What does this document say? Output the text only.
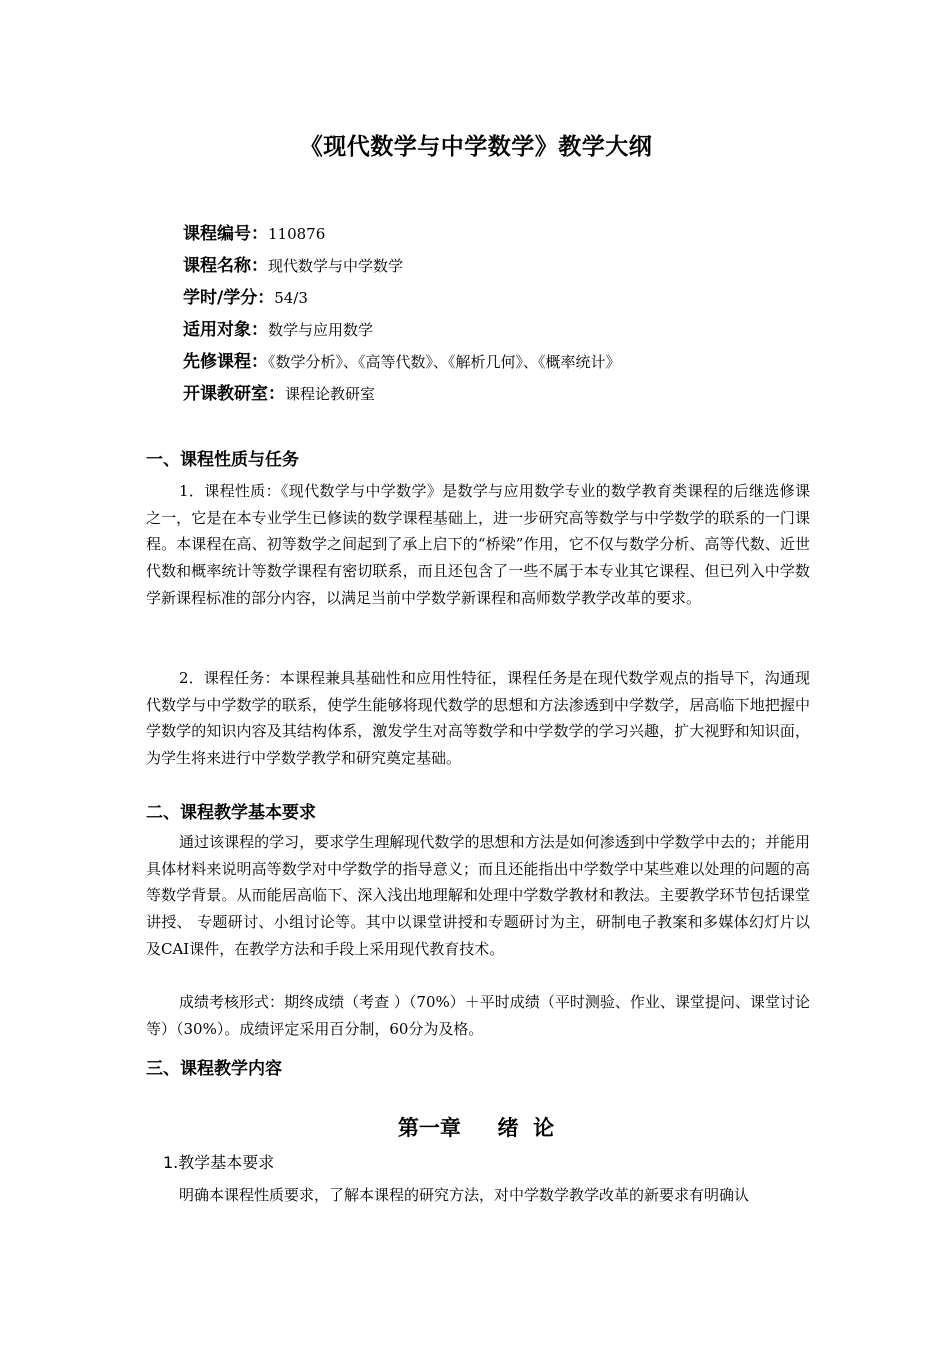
《现代数学与中学数学》教学大纲
课程编号：110876
课程名称：现代数学与中学数学
学时/学分：54/3
适用对象：数学与应用数学
先修课程：《数学分析》、《高等代数》、《解析几何》、《概率统计》
开课教研室：课程论教研室
一、课程性质与任务
1．课程性质：《现代数学与中学数学》是数学与应用数学专业的数学教育类课程的后继选修课之一，它是在本专业学生已修读的数学课程基础上，进一步研究高等数学与中学数学的联系的一门课程。本课程在高、初等数学之间起到了承上启下的“桥梁”作用，它不仅与数学分析、高等代数、近世代数和概率统计等数学课程有密切联系，而且还包含了一些不属于本专业其它课程、但已列入中学数学新课程标准的部分内容，以满足当前中学数学新课程和高师数学教学改革的要求。
2．课程任务：本课程兼具基础性和应用性特征，课程任务是在现代数学观点的指导下，沟通现代数学与中学数学的联系，使学生能够将现代数学的思想和方法渗透到中学数学，居高临下地把握中学数学的知识内容及其结构体系，激发学生对高等数学和中学数学的学习兴趣，扩大视野和知识面，为学生将来进行中学数学教学和研究奠定基础。
二、课程教学基本要求
通过该课程的学习，要求学生理解现代数学的思想和方法是如何渗透到中学数学中去的；并能用具体材料来说明高等数学对中学数学的指导意义；而且还能指出中学数学中某些难以处理的问题的高等数学背景。从而能居高临下、深入浅出地理解和处理中学数学教材和教法。主要教学环节包括课堂讲授、 专题研讨、小组讨论等。其中以课堂讲授和专题研讨为主，研制电子教案和多媒体幻灯片以及CAI课件，在教学方法和手段上采用现代教育技术。
成绩考核形式：期终成绩（考查 ）（70%）＋平时成绩（平时测验、作业、课堂提问、课堂讨论等）（30%）。成绩评定采用百分制，60分为及格。
三、课程教学内容
第一章     绪  论
1.教学基本要求
明确本课程性质要求，了解本课程的研究方法，对中学数学教学改革的新要求有明确认
